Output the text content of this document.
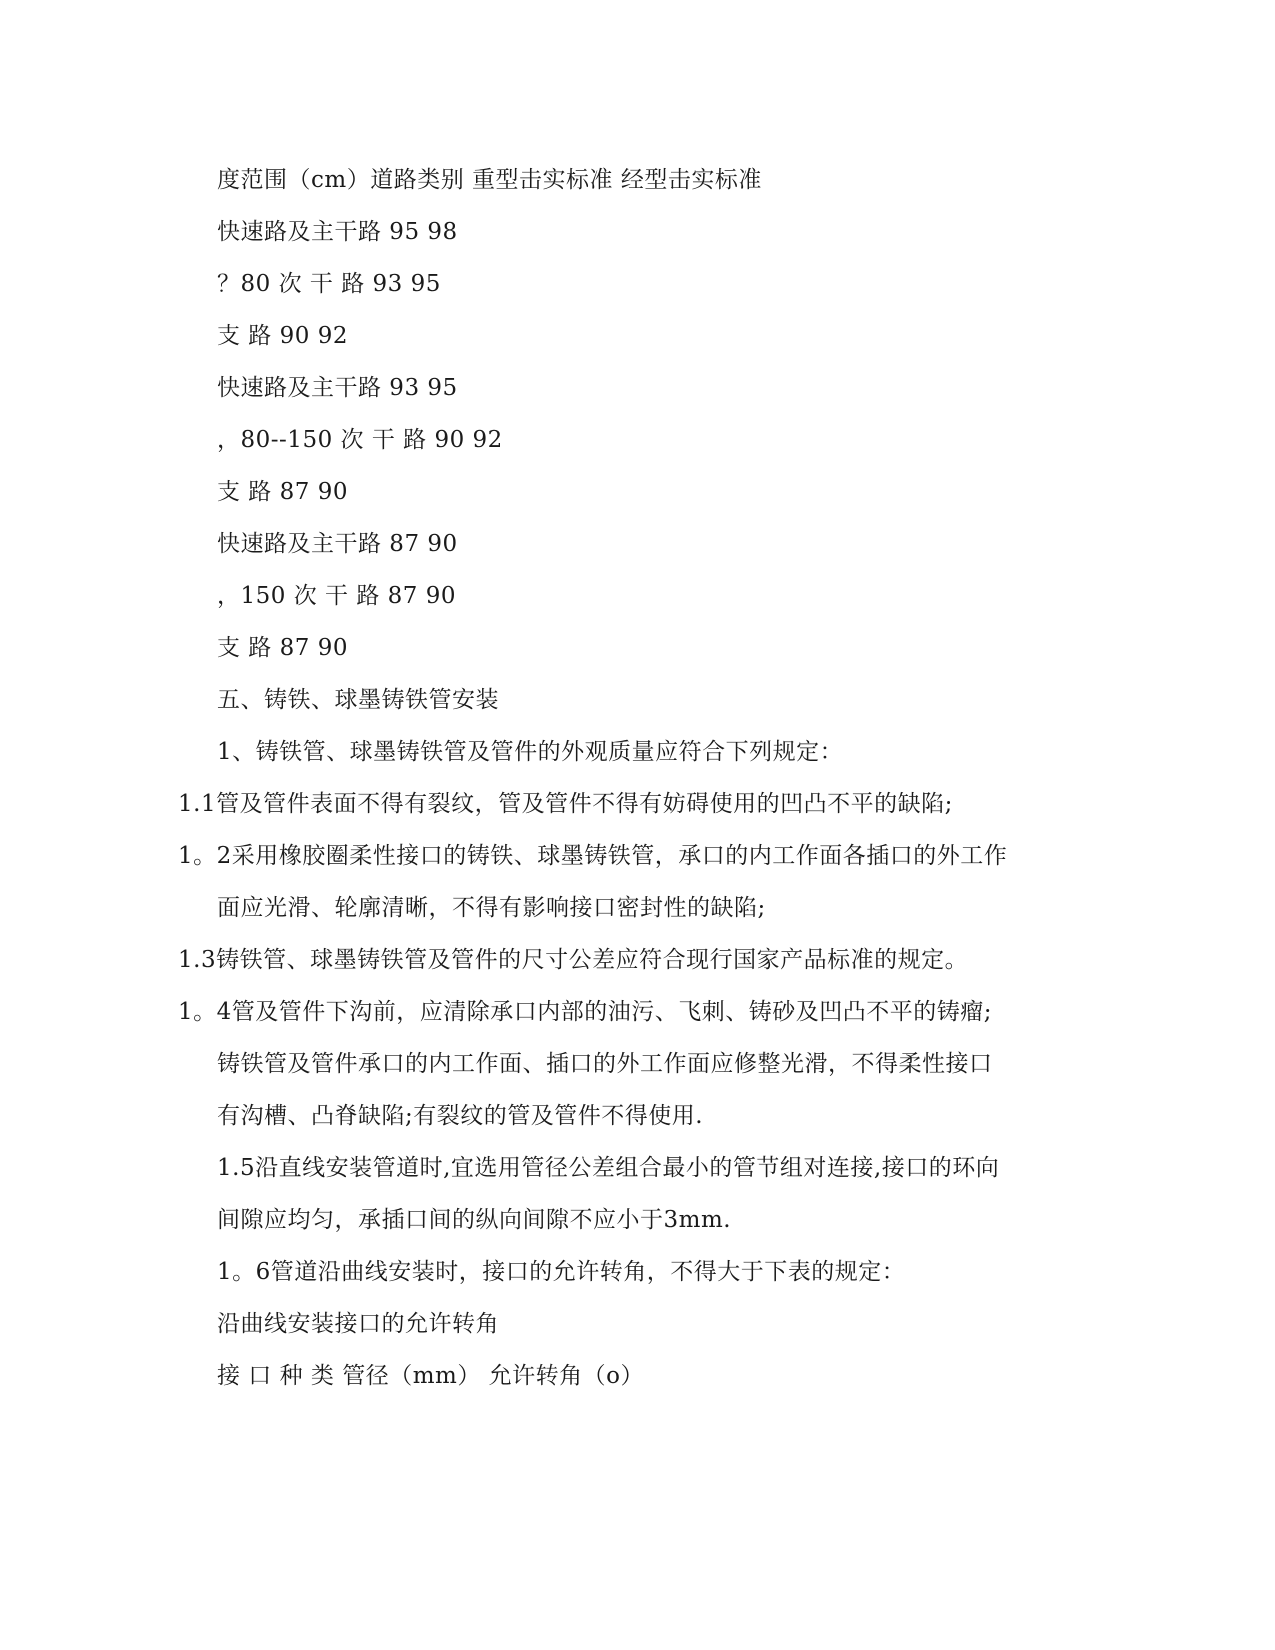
度范围（cm）道路类别 重型击实标准 经型击实标准
快速路及主干路 95 98
？80 次 干 路 93 95
支 路 90 92
快速路及主干路 93 95
，80--150 次 干 路 90 92
支 路 87 90
快速路及主干路 87 90
，150 次 干 路 87 90
支 路 87 90
五、铸铁、球墨铸铁管安装
1、铸铁管、球墨铸铁管及管件的外观质量应符合下列规定：
1.1管及管件表面不得有裂纹，管及管件不得有妨碍使用的凹凸不平的缺陷;
1。2采用橡胶圈柔性接口的铸铁、球墨铸铁管，承口的内工作面各插口的外工作
面应光滑、轮廓清晰，不得有影响接口密封性的缺陷;
1.3铸铁管、球墨铸铁管及管件的尺寸公差应符合现行国家产品标准的规定。
1。4管及管件下沟前，应清除承口内部的油污、飞刺、铸砂及凹凸不平的铸瘤;
铸铁管及管件承口的内工作面、插口的外工作面应修整光滑，不得柔性接口
有沟槽、凸脊缺陷;有裂纹的管及管件不得使用.
1.5沿直线安装管道时,宜选用管径公差组合最小的管节组对连接,接口的环向
间隙应均匀，承插口间的纵向间隙不应小于3mm.
1。6管道沿曲线安装时，接口的允许转角，不得大于下表的规定：
沿曲线安装接口的允许转角
接 口 种 类 管径（mm） 允许转角（o）
